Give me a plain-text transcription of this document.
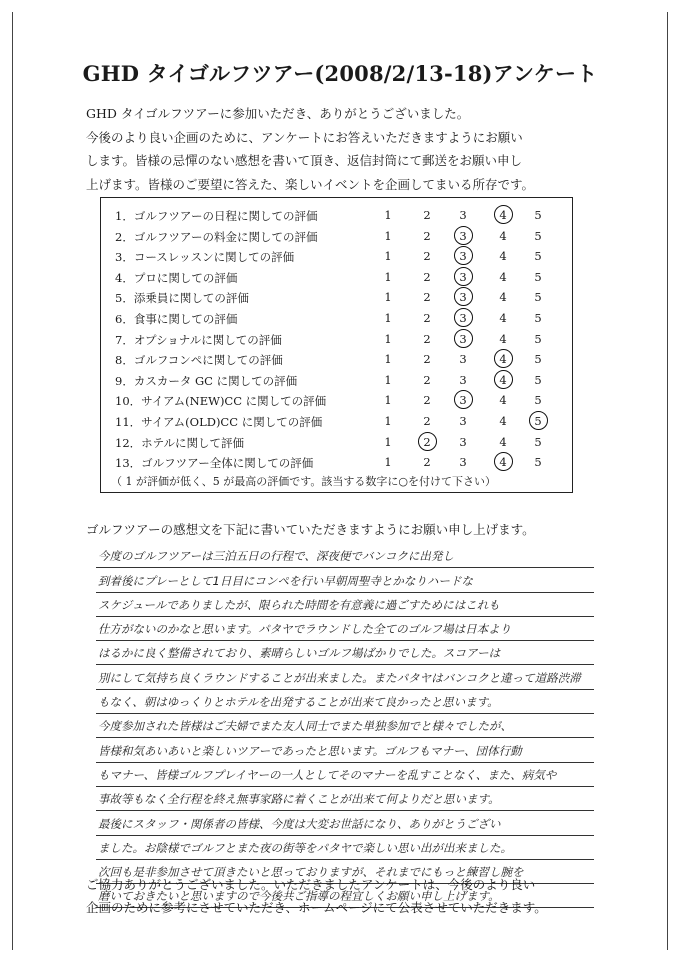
GHD タイゴルフツアー(2008/2/13-18)アンケート
GHD タイゴルフツアーに参加いただき、ありがとうございました。
今後のより良い企画のために、アンケートにお答えいただきますようにお願い
します。皆様の忌憚のない感想を書いて頂き、返信封筒にて郵送をお願い申し
上げます。皆様のご要望に答えた、楽しいイベントを企画してまいる所存です。
1．ゴルフツアーの日程に関しての評価	1	2	3	4	5
2．ゴルフツアーの料金に関しての評価	1	2	3	4	5
3．コースレッスンに関しての評価	1	2	3	4	5
4．プロに関しての評価	1	2	3	4	5
5．添乗員に関しての評価	1	2	3	4	5
6．食事に関しての評価	1	2	3	4	5
7．オプショナルに関しての評価	1	2	3	4	5
8．ゴルフコンペに関しての評価	1	2	3	4	5
9．カスカータ GC に関しての評価	1	2	3	4	5
10．サイアム(NEW)CC に関しての評価	1	2	3	4	5
11．サイアム(OLD)CC に関しての評価	1	2	3	4	5
12．ホテルに関して評価	1	2	3	4	5
13．ゴルフツアー全体に関しての評価	1	2	3	4	5
（ 1 が評価が低く、5 が最高の評価です。該当する数字に○を付けて下さい）
ゴルフツアーの感想文を下記に書いていただきますようにお願い申し上げます。
今度のゴルフツアーは三泊五日の行程で、深夜便でバンコクに出発し
到着後にプレーとして1日目にコンペを行い早朝周聖寺とかなりハードな
スケジュールでありましたが、限られた時間を有意義に過ごすためにはこれも
仕方がないのかなと思います。パタヤでラウンドした全てのゴルフ場は日本より
はるかに良く整備されており、素晴らしいゴルフ場ばかりでした。スコアーは
別にして気持ち良くラウンドすることが出来ました。またパタヤはバンコクと違って道路渋滞
もなく、朝はゆっくりとホテルを出発することが出来て良かったと思います。
今度参加された皆様はご夫婦でまた友人同士でまた単独参加でと様々でしたが、
皆様和気あいあいと楽しいツアーであったと思います。ゴルフもマナー、団体行動
もマナー、皆様ゴルフプレイヤーの一人としてそのマナーを乱すことなく、また、病気や
事故等もなく全行程を終え無事家路に着くことが出来て何よりだと思います。
最後にスタッフ・関係者の皆様、今度は大変お世話になり、ありがとうござい
ました。お陰様でゴルフとまた夜の街等をパタヤで楽しい思い出が出来ました。
次回も是非参加させて頂きたいと思っておりますが、それまでにもっと練習し腕を
磨いておきたいと思いますので今後共ご指導の程宜しくお願い申し上げます。
ご協力ありがとうございました。いただきましたアンケートは、今後のより良い
企画のために参考にさせていただき、ホームページにて公表させていただきます。
